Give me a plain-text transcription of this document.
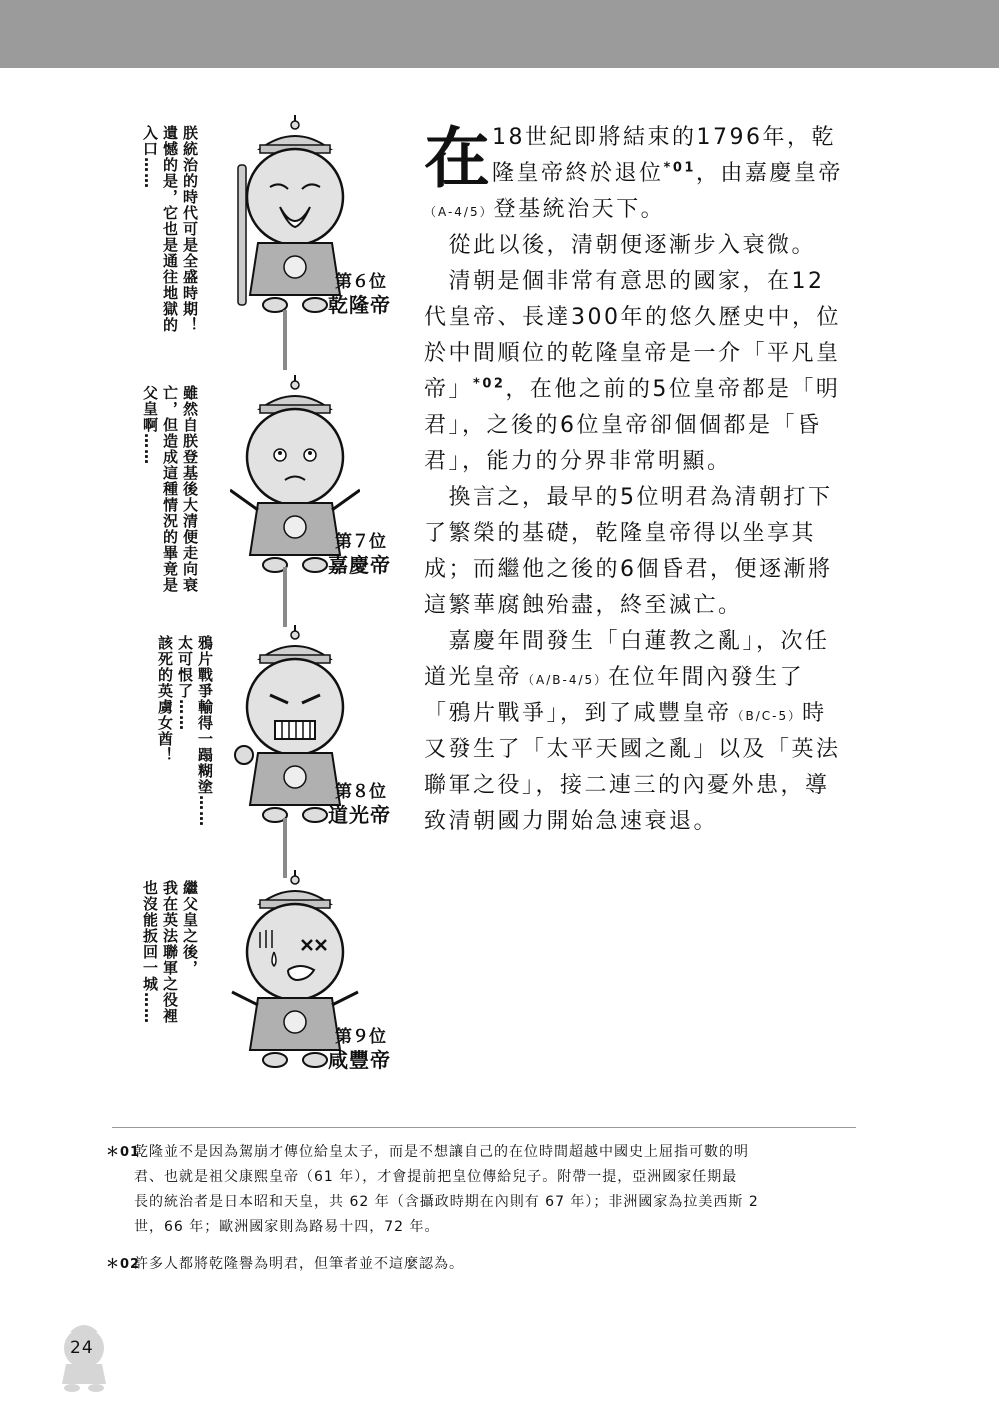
朕統治的時代可是全盛時期！
遺憾的是，它也是通往地獄的
入口……
第６位
乾隆帝
雖然自朕登基後大清便走向衰
亡，但造成這種情況的畢竟是
父皇啊……
第７位
嘉慶帝
鴉片戰爭輸得一蹋糊塗……
太可恨了……
該死的英虜女酋！
第８位
道光帝
繼父皇之後，
我在英法聯軍之役裡
也沒能扳回一城……
第９位
咸豐帝
在 18世紀即將結束的1796年，乾
隆皇帝終於退位$^{*01}$，由嘉慶皇帝
（A-4/5）登基統治天下。
　從此以後，清朝便逐漸步入衰微。
　清朝是個非常有意思的國家，在12
代皇帝、長達300年的悠久歷史中，位
於中間順位的乾隆皇帝是一介「平凡皇
帝」$^{*02}$，在他之前的5位皇帝都是「明
君」，之後的6位皇帝卻個個都是「昏
君」，能力的分界非常明顯。
　換言之，最早的5位明君為清朝打下
了繁榮的基礎，乾隆皇帝得以坐享其
成；而繼他之後的6個昏君，便逐漸將
這繁華腐蝕殆盡，終至滅亡。
　嘉慶年間發生「白蓮教之亂」，次任
道光皇帝（A/B-4/5）在位年間內發生了
「鴉片戰爭」，到了咸豐皇帝（B/C-5）時
又發生了「太平天國之亂」以及「英法
聯軍之役」，接二連三的內憂外患，導
致清朝國力開始急速衰退。
＊01
乾隆並不是因為駕崩才傳位給皇太子，而是不想讓自己的在位時間超越中國史上屈指可數的明
君、也就是祖父康熙皇帝（61 年），才會提前把皇位傳給兒子。附帶一提，亞洲國家任期最
長的統治者是日本昭和天皇，共 62 年（含攝政時期在內則有 67 年）；非洲國家為拉美西斯 2
世，66 年；歐洲國家則為路易十四，72 年。
＊02
許多人都將乾隆譽為明君，但筆者並不這麼認為。
24
